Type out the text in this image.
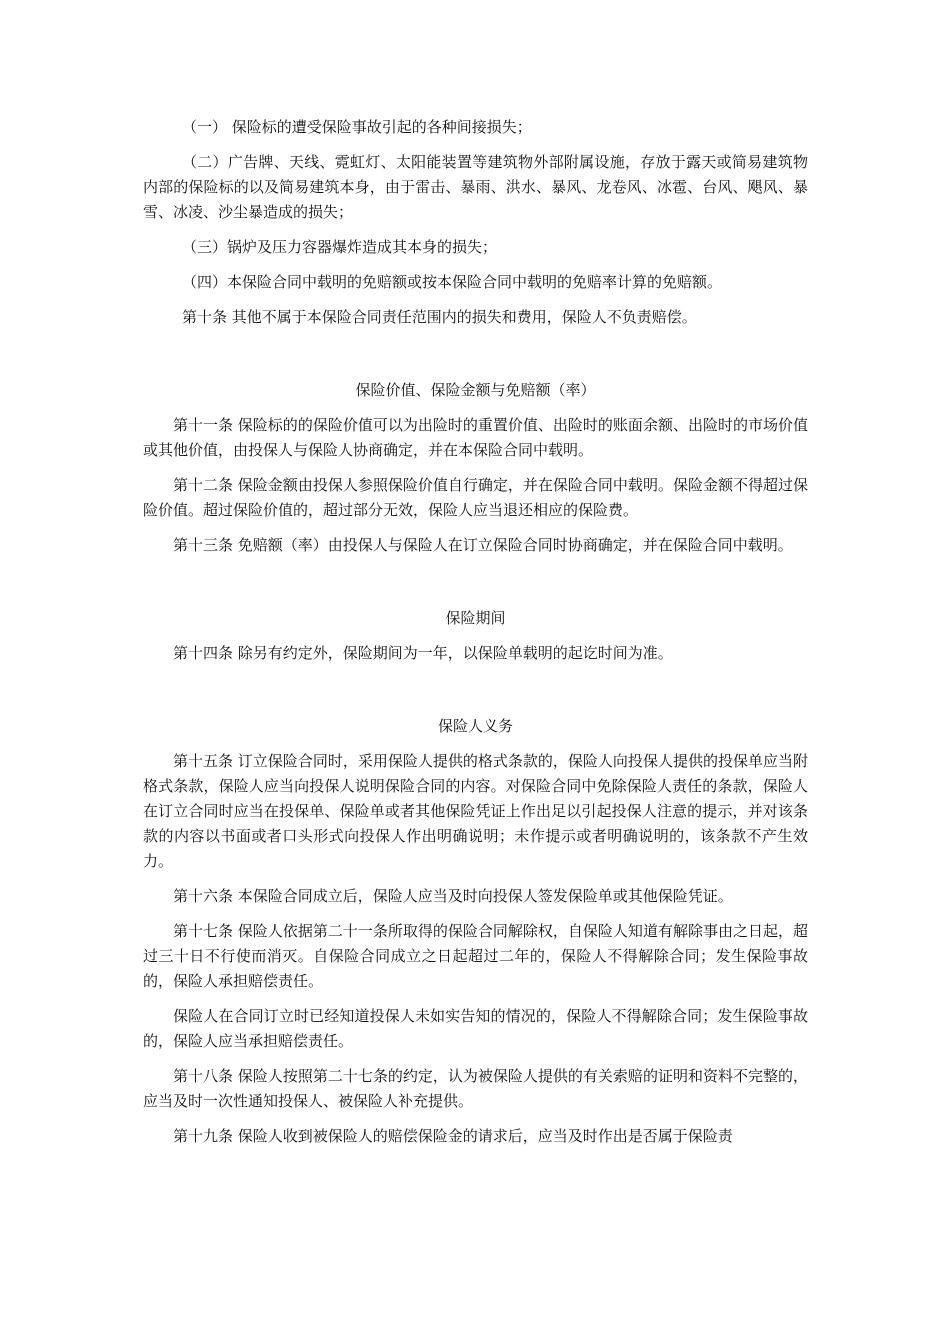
（一） 保险标的遭受保险事故引起的各种间接损失；

（二）广告牌、天线、霓虹灯、太阳能装置等建筑物外部附属设施，存放于露天或简易建筑物内部的保险标的以及简易建筑本身，由于雷击、暴雨、洪水、暴风、龙卷风、冰雹、台风、飓风、暴雪、冰凌、沙尘暴造成的损失；

（三）锅炉及压力容器爆炸造成其本身的损失；

（四）本保险合同中载明的免赔额或按本保险合同中载明的免赔率计算的免赔额。

第十条 其他不属于本保险合同责任范围内的损失和费用，保险人不负责赔偿。

保险价值、保险金额与免赔额（率）

第十一条 保险标的的保险价值可以为出险时的重置价值、出险时的账面余额、出险时的市场价值或其他价值，由投保人与保险人协商确定，并在本保险合同中载明。

第十二条 保险金额由投保人参照保险价值自行确定，并在保险合同中载明。保险金额不得超过保险价值。超过保险价值的，超过部分无效，保险人应当退还相应的保险费。

第十三条 免赔额（率）由投保人与保险人在订立保险合同时协商确定，并在保险合同中载明。

保险期间

第十四条 除另有约定外，保险期间为一年，以保险单载明的起讫时间为准。

保险人义务

第十五条 订立保险合同时，采用保险人提供的格式条款的，保险人向投保人提供的投保单应当附格式条款，保险人应当向投保人说明保险合同的内容。对保险合同中免除保险人责任的条款，保险人在订立合同时应当在投保单、保险单或者其他保险凭证上作出足以引起投保人注意的提示，并对该条款的内容以书面或者口头形式向投保人作出明确说明；未作提示或者明确说明的，该条款不产生效力。

第十六条 本保险合同成立后，保险人应当及时向投保人签发保险单或其他保险凭证。

第十七条 保险人依据第二十一条所取得的保险合同解除权，自保险人知道有解除事由之日起，超过三十日不行使而消灭。自保险合同成立之日起超过二年的，保险人不得解除合同；发生保险事故的，保险人承担赔偿责任。

保险人在合同订立时已经知道投保人未如实告知的情况的，保险人不得解除合同；发生保险事故的，保险人应当承担赔偿责任。

第十八条 保险人按照第二十七条的约定，认为被保险人提供的有关索赔的证明和资料不完整的，应当及时一次性通知投保人、被保险人补充提供。

第十九条 保险人收到被保险人的赔偿保险金的请求后，应当及时作出是否属于保险责
